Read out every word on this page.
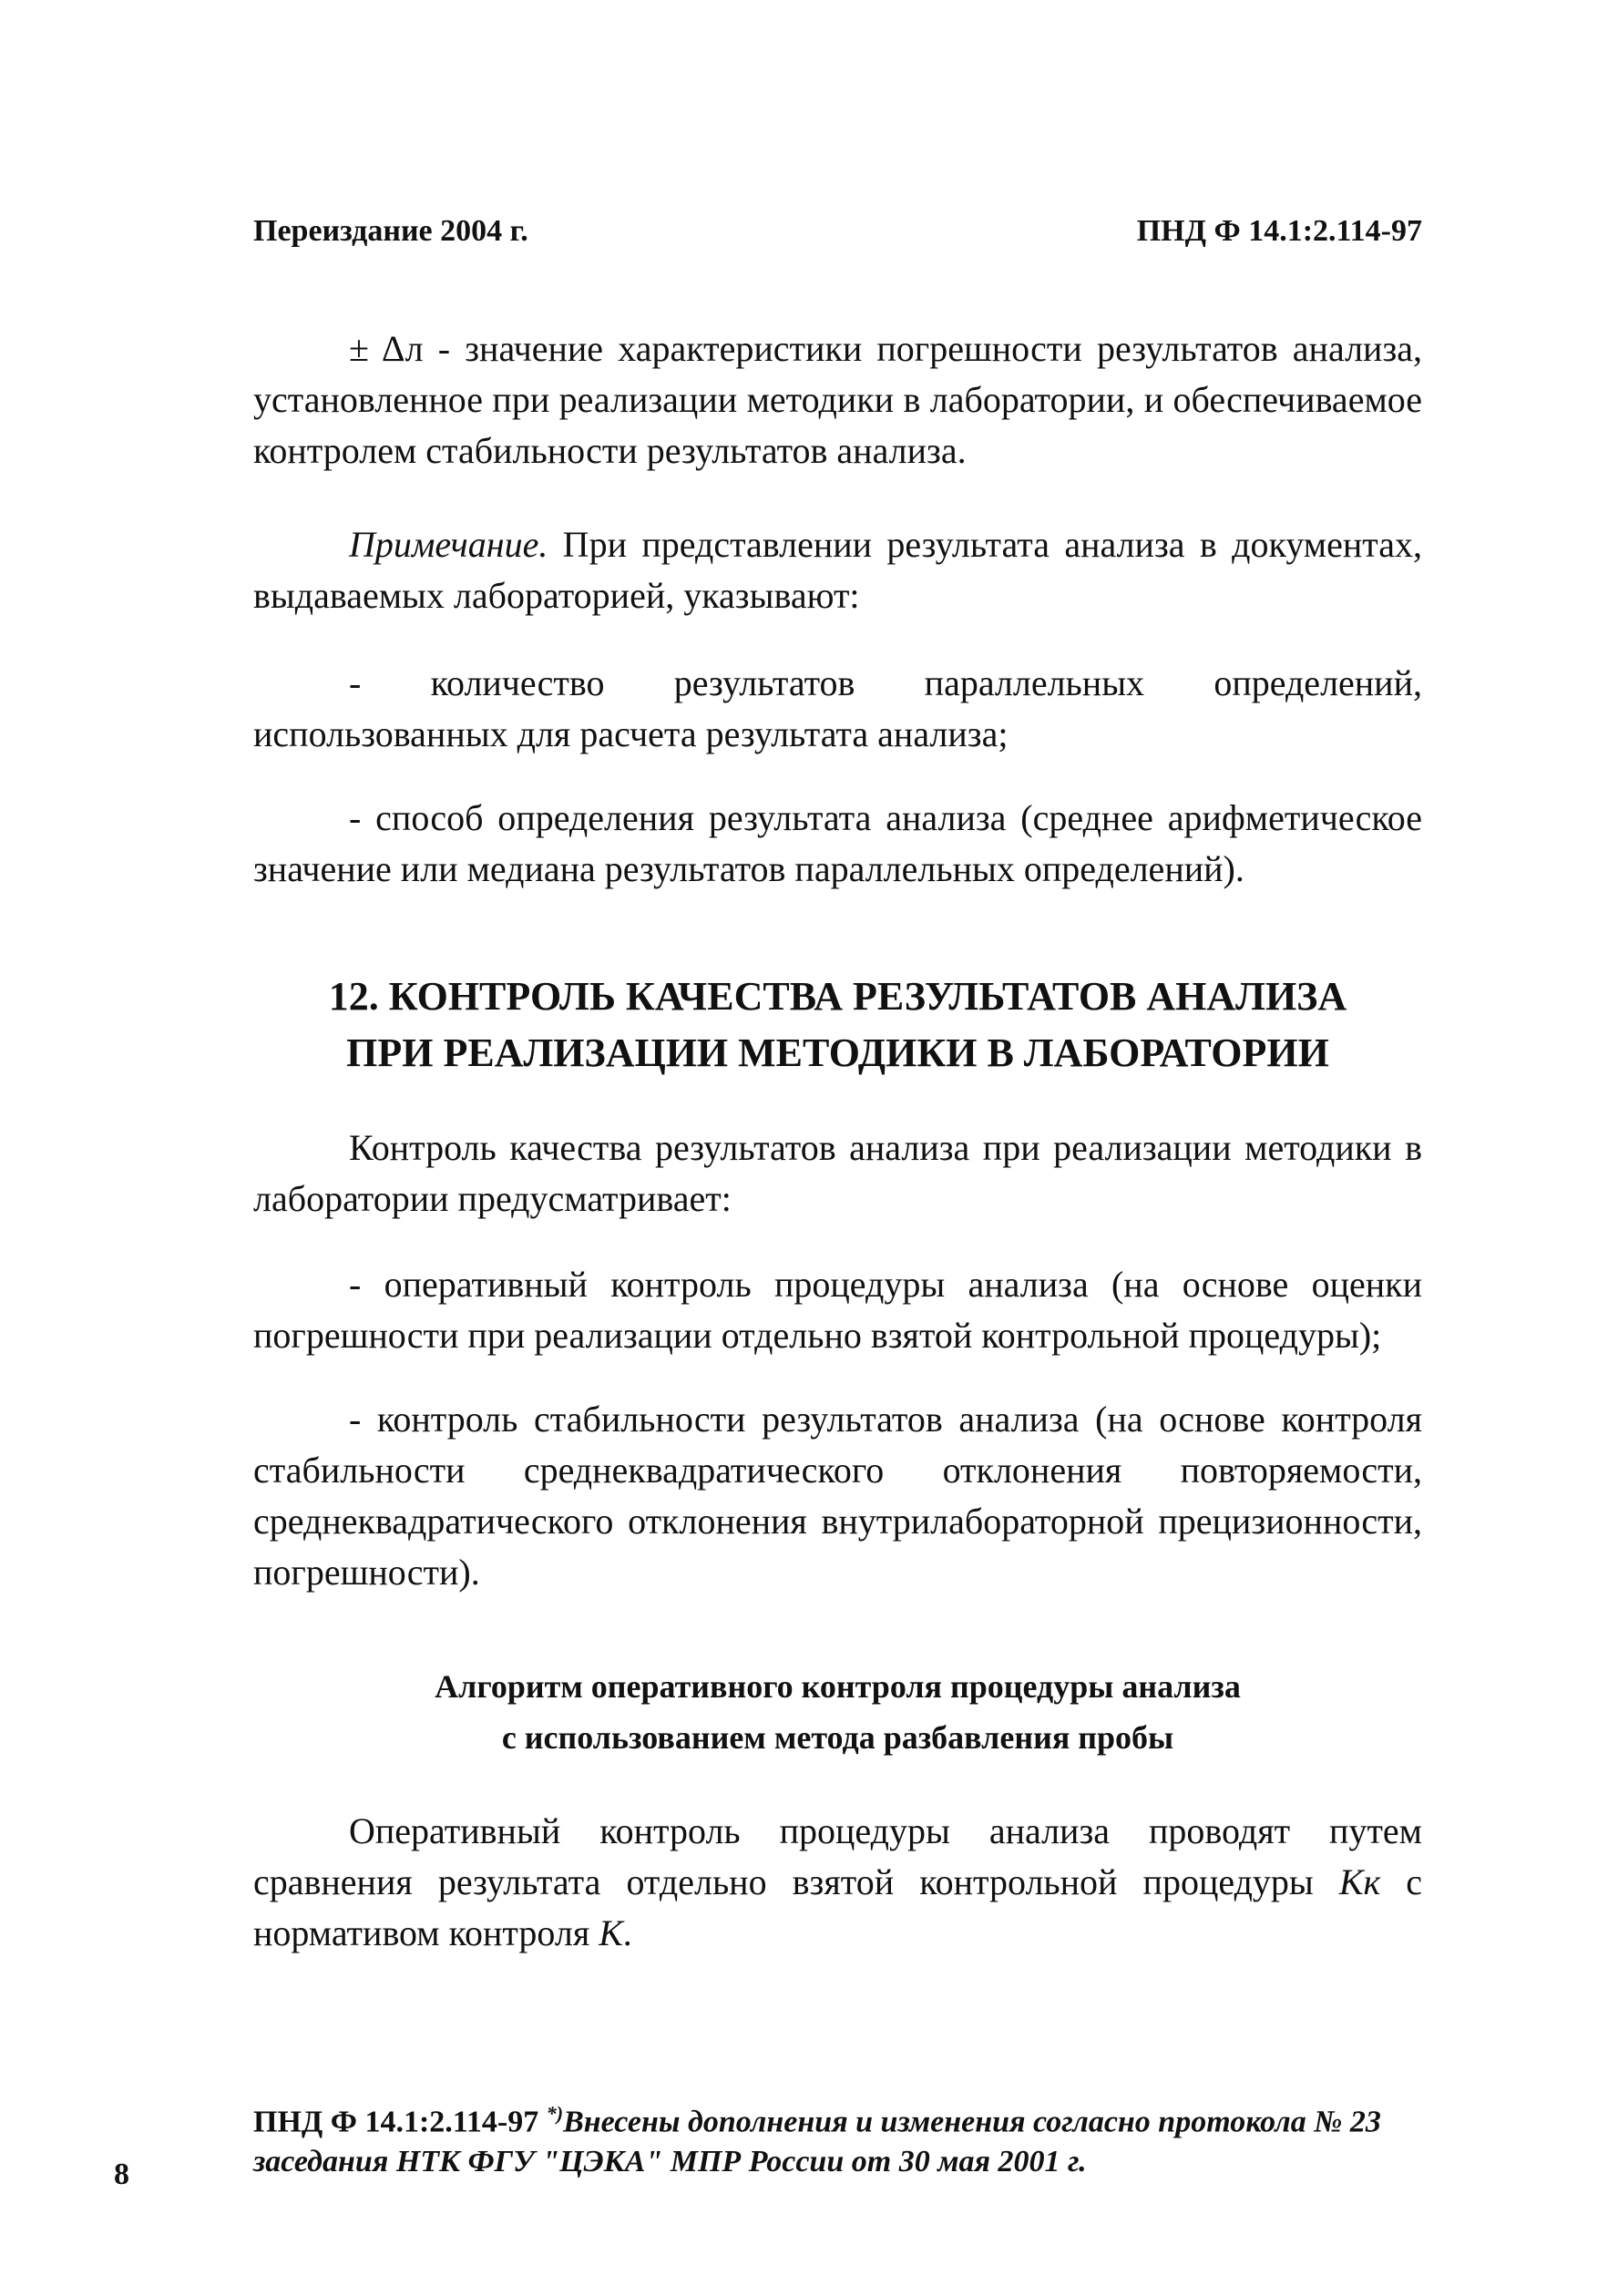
Переиздание 2004 г.	ПНД Ф 14.1:2.114-97

± Δл - значение характеристики погрешности результатов анализа, установленное при реализации методики в лаборатории, и обеспечиваемое контролем стабильности результатов анализа.

Примечание. При представлении результата анализа в документах, выдаваемых лабораторией, указывают:

- количество результатов параллельных определений, использованных для расчета результата анализа;

- способ определения результата анализа (среднее арифметическое значение или медиана результатов параллельных определений).

12. КОНТРОЛЬ КАЧЕСТВА РЕЗУЛЬТАТОВ АНАЛИЗА
ПРИ РЕАЛИЗАЦИИ МЕТОДИКИ В ЛАБОРАТОРИИ

Контроль качества результатов анализа при реализации методики в лаборатории предусматривает:

- оперативный контроль процедуры анализа (на основе оценки погрешности при реализации отдельно взятой контрольной процедуры);

- контроль стабильности результатов анализа (на основе контроля стабильности среднеквадратического отклонения повторяемости, среднеквадратического отклонения внутрилабораторной прецизионности, погрешности).

Алгоритм оперативного контроля процедуры анализа
с использованием метода разбавления пробы

Оперативный контроль процедуры анализа проводят путем сравнения результата отдельно взятой контрольной процедуры Кк с нормативом контроля К.

ПНД Ф 14.1:2.114-97 *)Внесены дополнения и изменения согласно протокола № 23 заседания НТК ФГУ "ЦЭКА" МПР России от 30 мая 2001 г.
8
